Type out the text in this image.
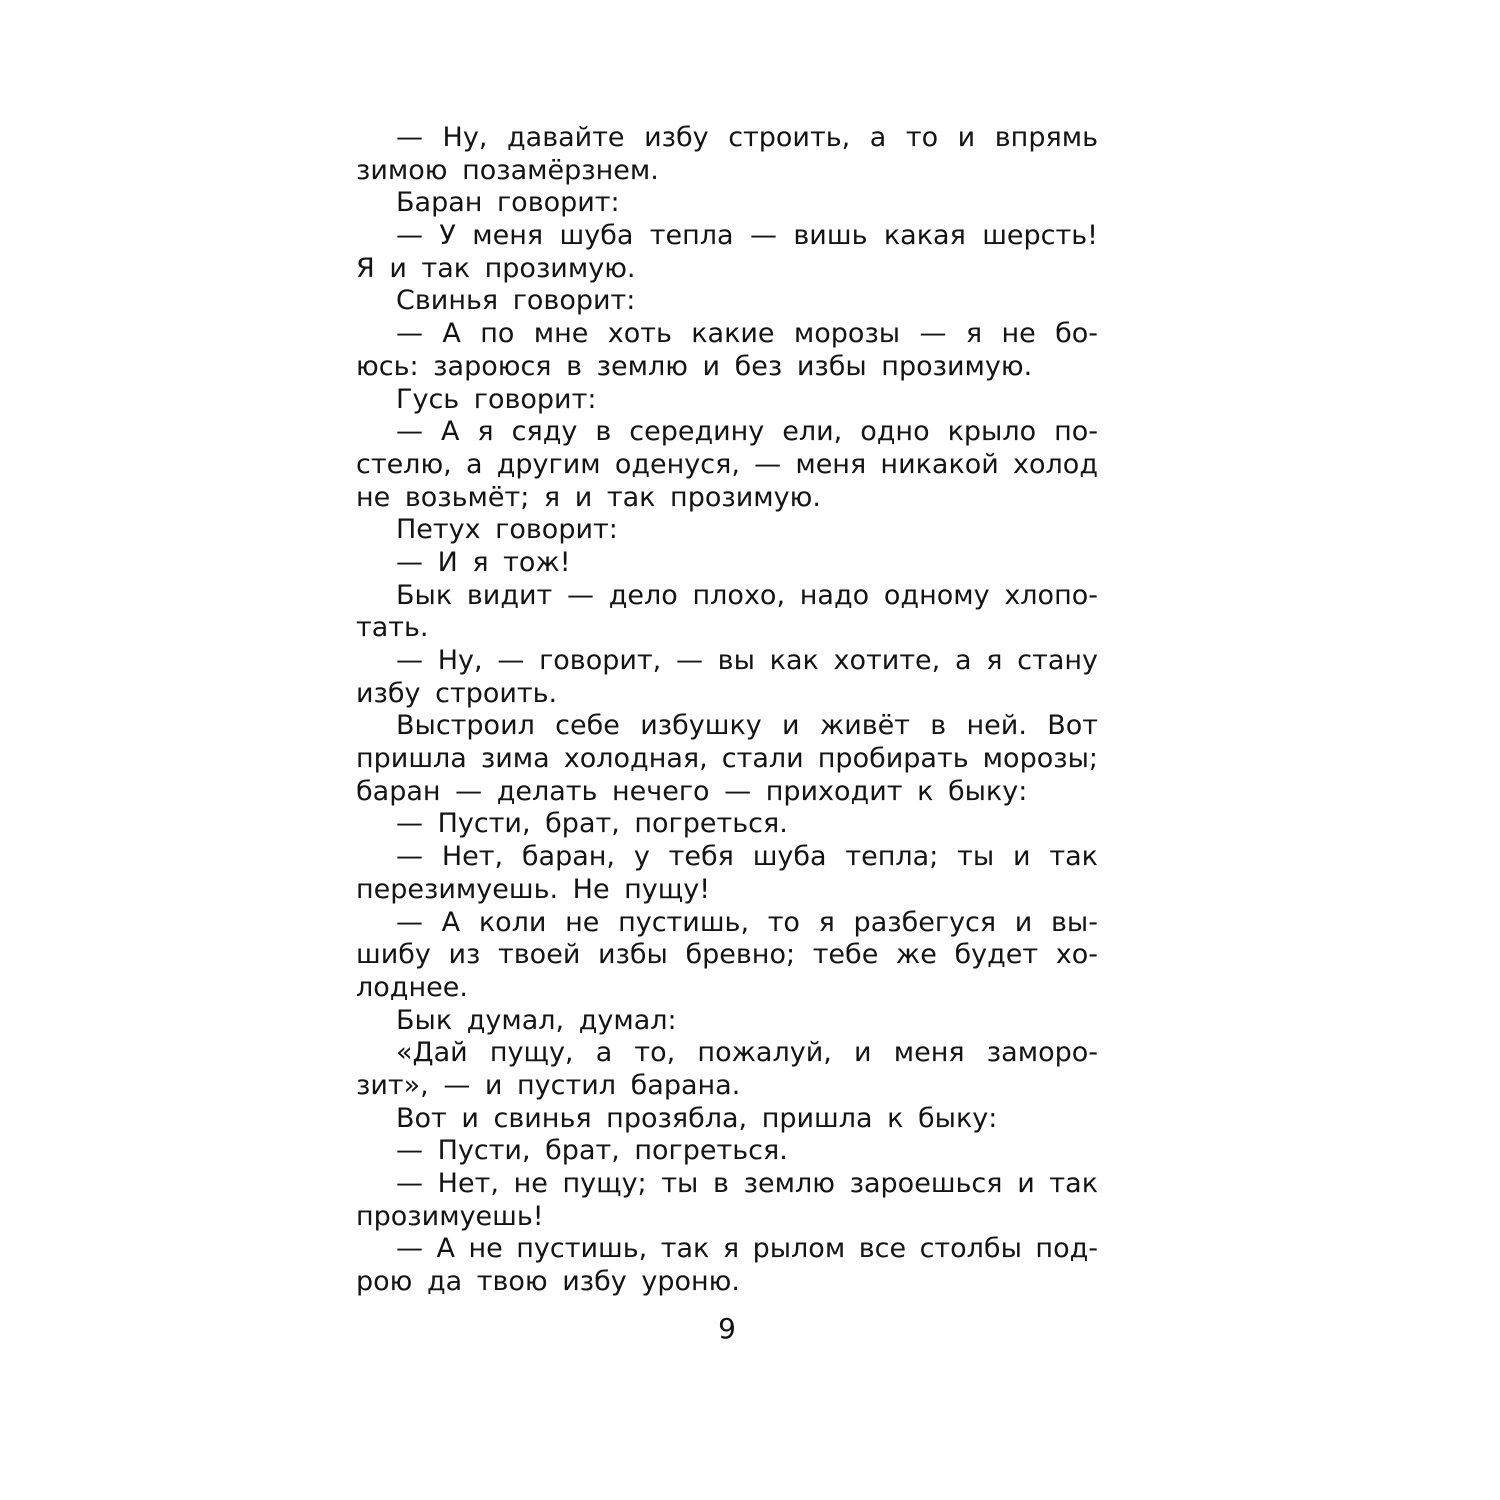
— Ну, давайте избу строить, а то и впрямь
зимою позамёрзнем.
Баран говорит:
— У меня шуба тепла — вишь какая шерсть!
Я и так прозимую.
Свинья говорит:
— А по мне хоть какие морозы — я не бо-
юсь: зароюся в землю и без избы прозимую.
Гусь говорит:
— А я сяду в середину ели, одно крыло по-
стелю, а другим оденуся, — меня никакой холод
не возьмёт; я и так прозимую.
Петух говорит:
— И я тож!
Бык видит — дело плохо, надо одному хлопо-
тать.
— Ну, — говорит, — вы как хотите, а я стану
избу строить.
Выстроил себе избушку и живёт в ней. Вот
пришла зима холодная, стали пробирать морозы;
баран — делать нечего — приходит к быку:
— Пусти, брат, погреться.
— Нет, баран, у тебя шуба тепла; ты и так
перезимуешь. Не пущу!
— А коли не пустишь, то я разбегуся и вы-
шибу из твоей избы бревно; тебе же будет хо-
лоднее.
Бык думал, думал:
«Дай пущу, а то, пожалуй, и меня заморо-
зит», — и пустил барана.
Вот и свинья прозябла, пришла к быку:
— Пусти, брат, погреться.
— Нет, не пущу; ты в землю зароешься и так
прозимуешь!
— А не пустишь, так я рылом все столбы под-
рою да твою избу уроню.
9
